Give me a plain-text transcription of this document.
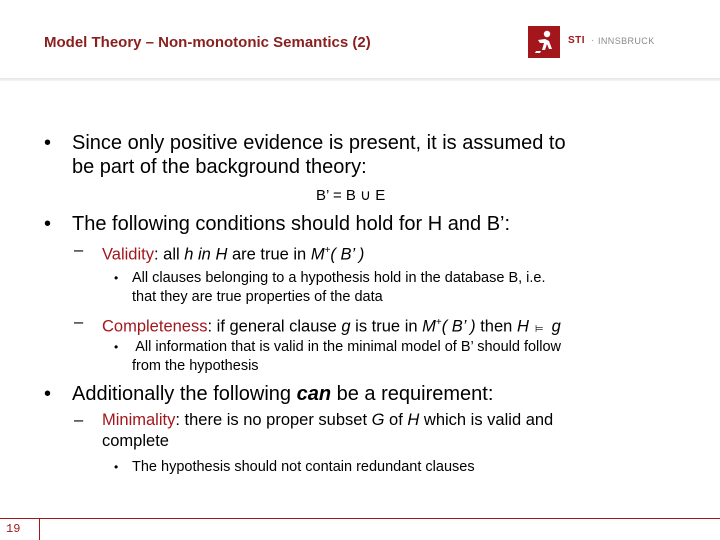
Model Theory – Non-monotonic Semantics (2)	STI · INNSBRUCK
• Since only positive evidence is present, it is assumed to
be part of the background theory:
B’ = B ∪ E
• The following conditions should hold for H and B’:
– Validity: all h in H are true in M+( B’ )
• All clauses belonging to a hypothesis hold in the database B, i.e.
that they are true properties of the data
– Completeness: if general clause g is true in M+( B’ ) then H ⊨ g
• All information that is valid in the minimal model of B’ should follow
from the hypothesis
• Additionally the following can be a requirement:
– Minimality: there is no proper subset G of H which is valid and
complete
• The hypothesis should not contain redundant clauses
19
